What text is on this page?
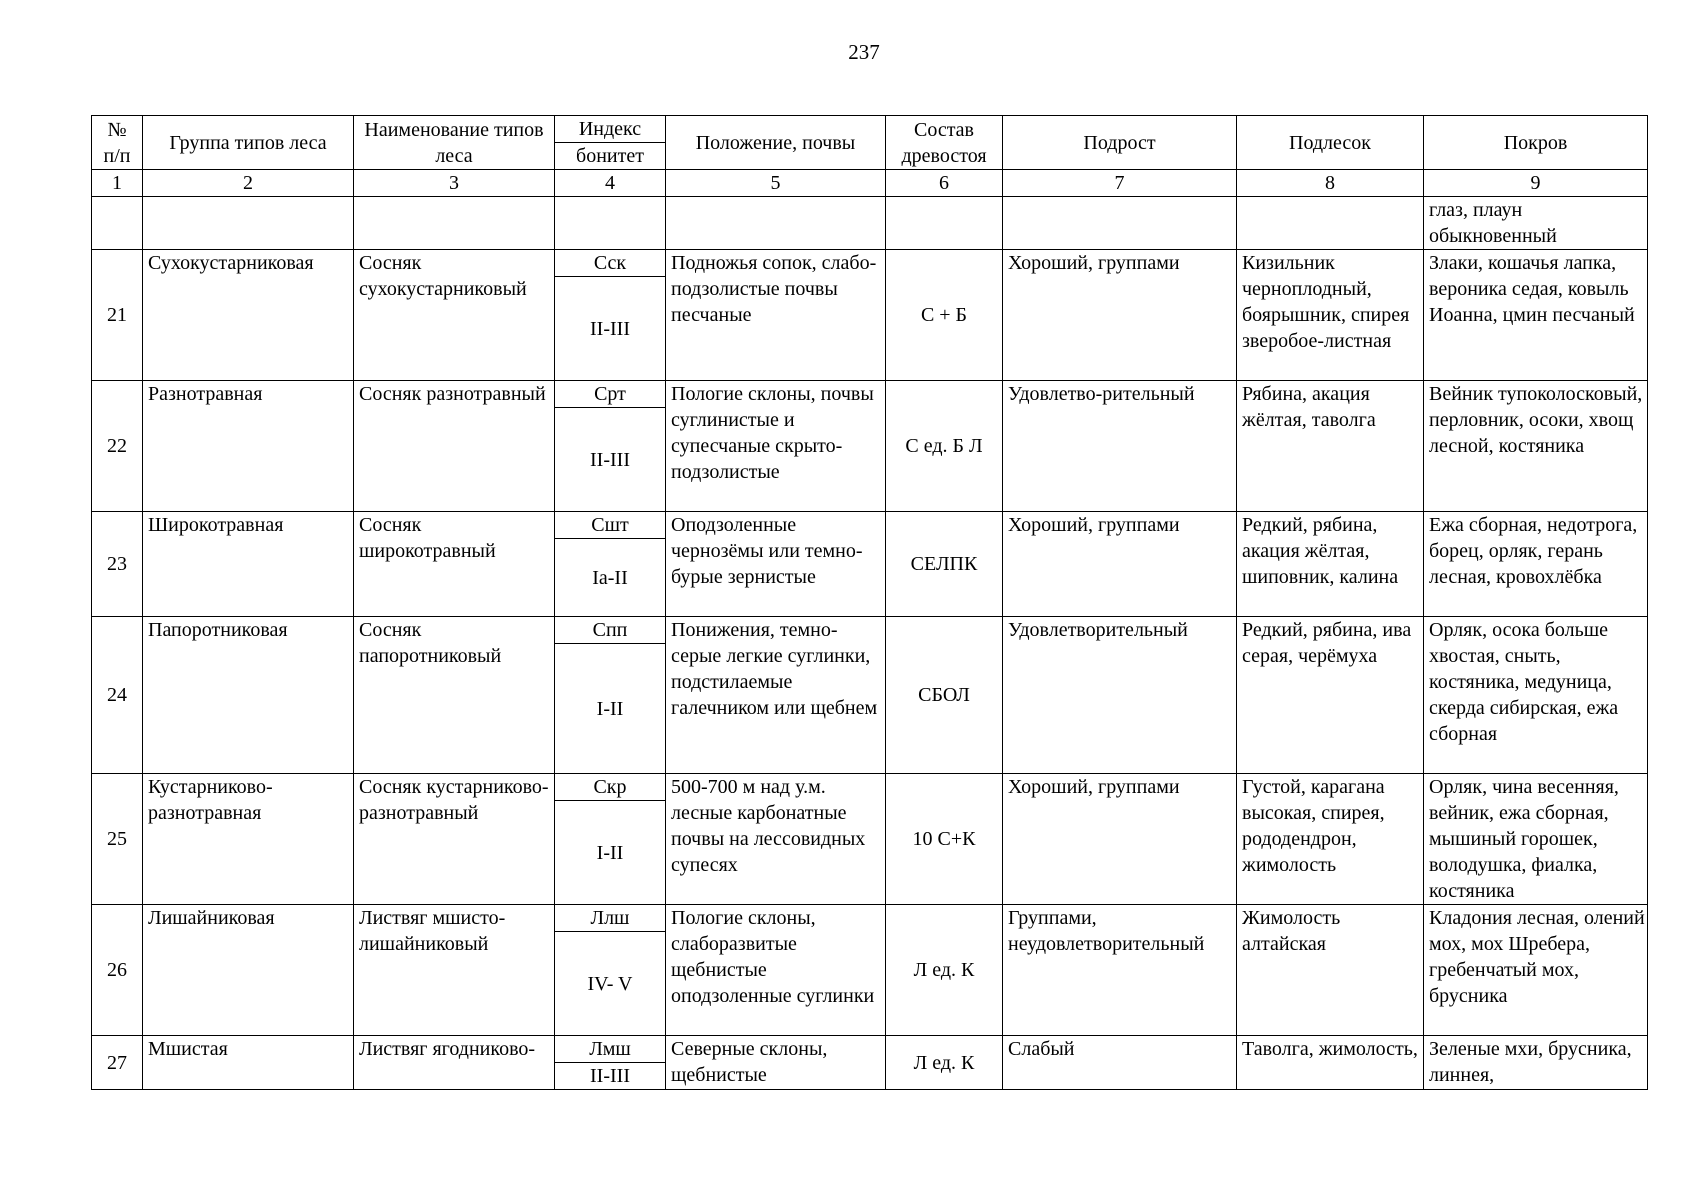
237
№ п/п	Группа типов леса	Наименование типов леса	Индекс	Положение, почвы	Состав древостоя	Подрост	Подлесок	Покров
			бонитет					
1	2	3	4	5	6	7	8	9
								глаз, плаун обыкновенный
21	Сухокустарниковая	Сосняк сухокустарниковый	Сск	Подножья сопок, слабо-подзолистые почвы песчаные	С + Б	Хороший, группами	Кизильник черноплодный, боярышник, спирея зверобое-листная	Злаки, кошачья лапка, вероника седая, ковыль Иоанна, цмин песчаный
			II-III					
22	Разнотравная	Сосняк разнотравный	Срт	Пологие склоны, почвы суглинистые и супесчаные скрыто-подзолистые	С ед. Б Л	Удовлетво-рительный	Рябина, акация жёлтая, таволга	Вейник тупоколосковый, перловник, осоки, хвощ лесной, костяника
			II-III					
23	Широкотравная	Сосняк широкотравный	Сшт	Оподзоленные чернозёмы или темно-бурые зернистые	СЕЛПК	Хороший, группами	Редкий, рябина, акация жёлтая, шиповник, калина	Ежа сборная, недотрога, борец, орляк, герань лесная, кровохлёбка
			Ia-II					
24	Папоротниковая	Сосняк папоротниковый	Спп	Понижения, темно-серые легкие суглинки, подстилаемые галечником или щебнем	СБОЛ	Удовлетворительный	Редкий, рябина, ива серая, черёмуха	Орляк, осока больше хвостая, сныть, костяника, медуница, скерда сибирская, ежа сборная
			I-II					
25	Кустарниково-разнотравная	Сосняк кустарниково-разнотравный	Скр	500-700 м над у.м. лесные карбонатные почвы на лессовидных супесях	10 С+К	Хороший, группами	Густой, карагана высокая, спирея, рододендрон, жимолость	Орляк, чина весенняя, вейник, ежа сборная, мышиный горошек, володушка, фиалка, костяника
			I-II					
26	Лишайниковая	Листвяг мшисто-лишайниковый	Ллш	Пологие склоны, слаборазвитые щебнистые оподзоленные суглинки	Л ед. К	Группами, неудовлетворительный	Жимолость алтайская	Кладония лесная, олений мох, мох Шребера, гребенчатый мох, брусника
			IV- V					
27	Мшистая	Листвяг ягодниково-	Лмш	Северные склоны, щебнистые	Л ед. К	Слабый	Таволга, жимолость,	Зеленые мхи, брусника, линнея,
			II-III					
